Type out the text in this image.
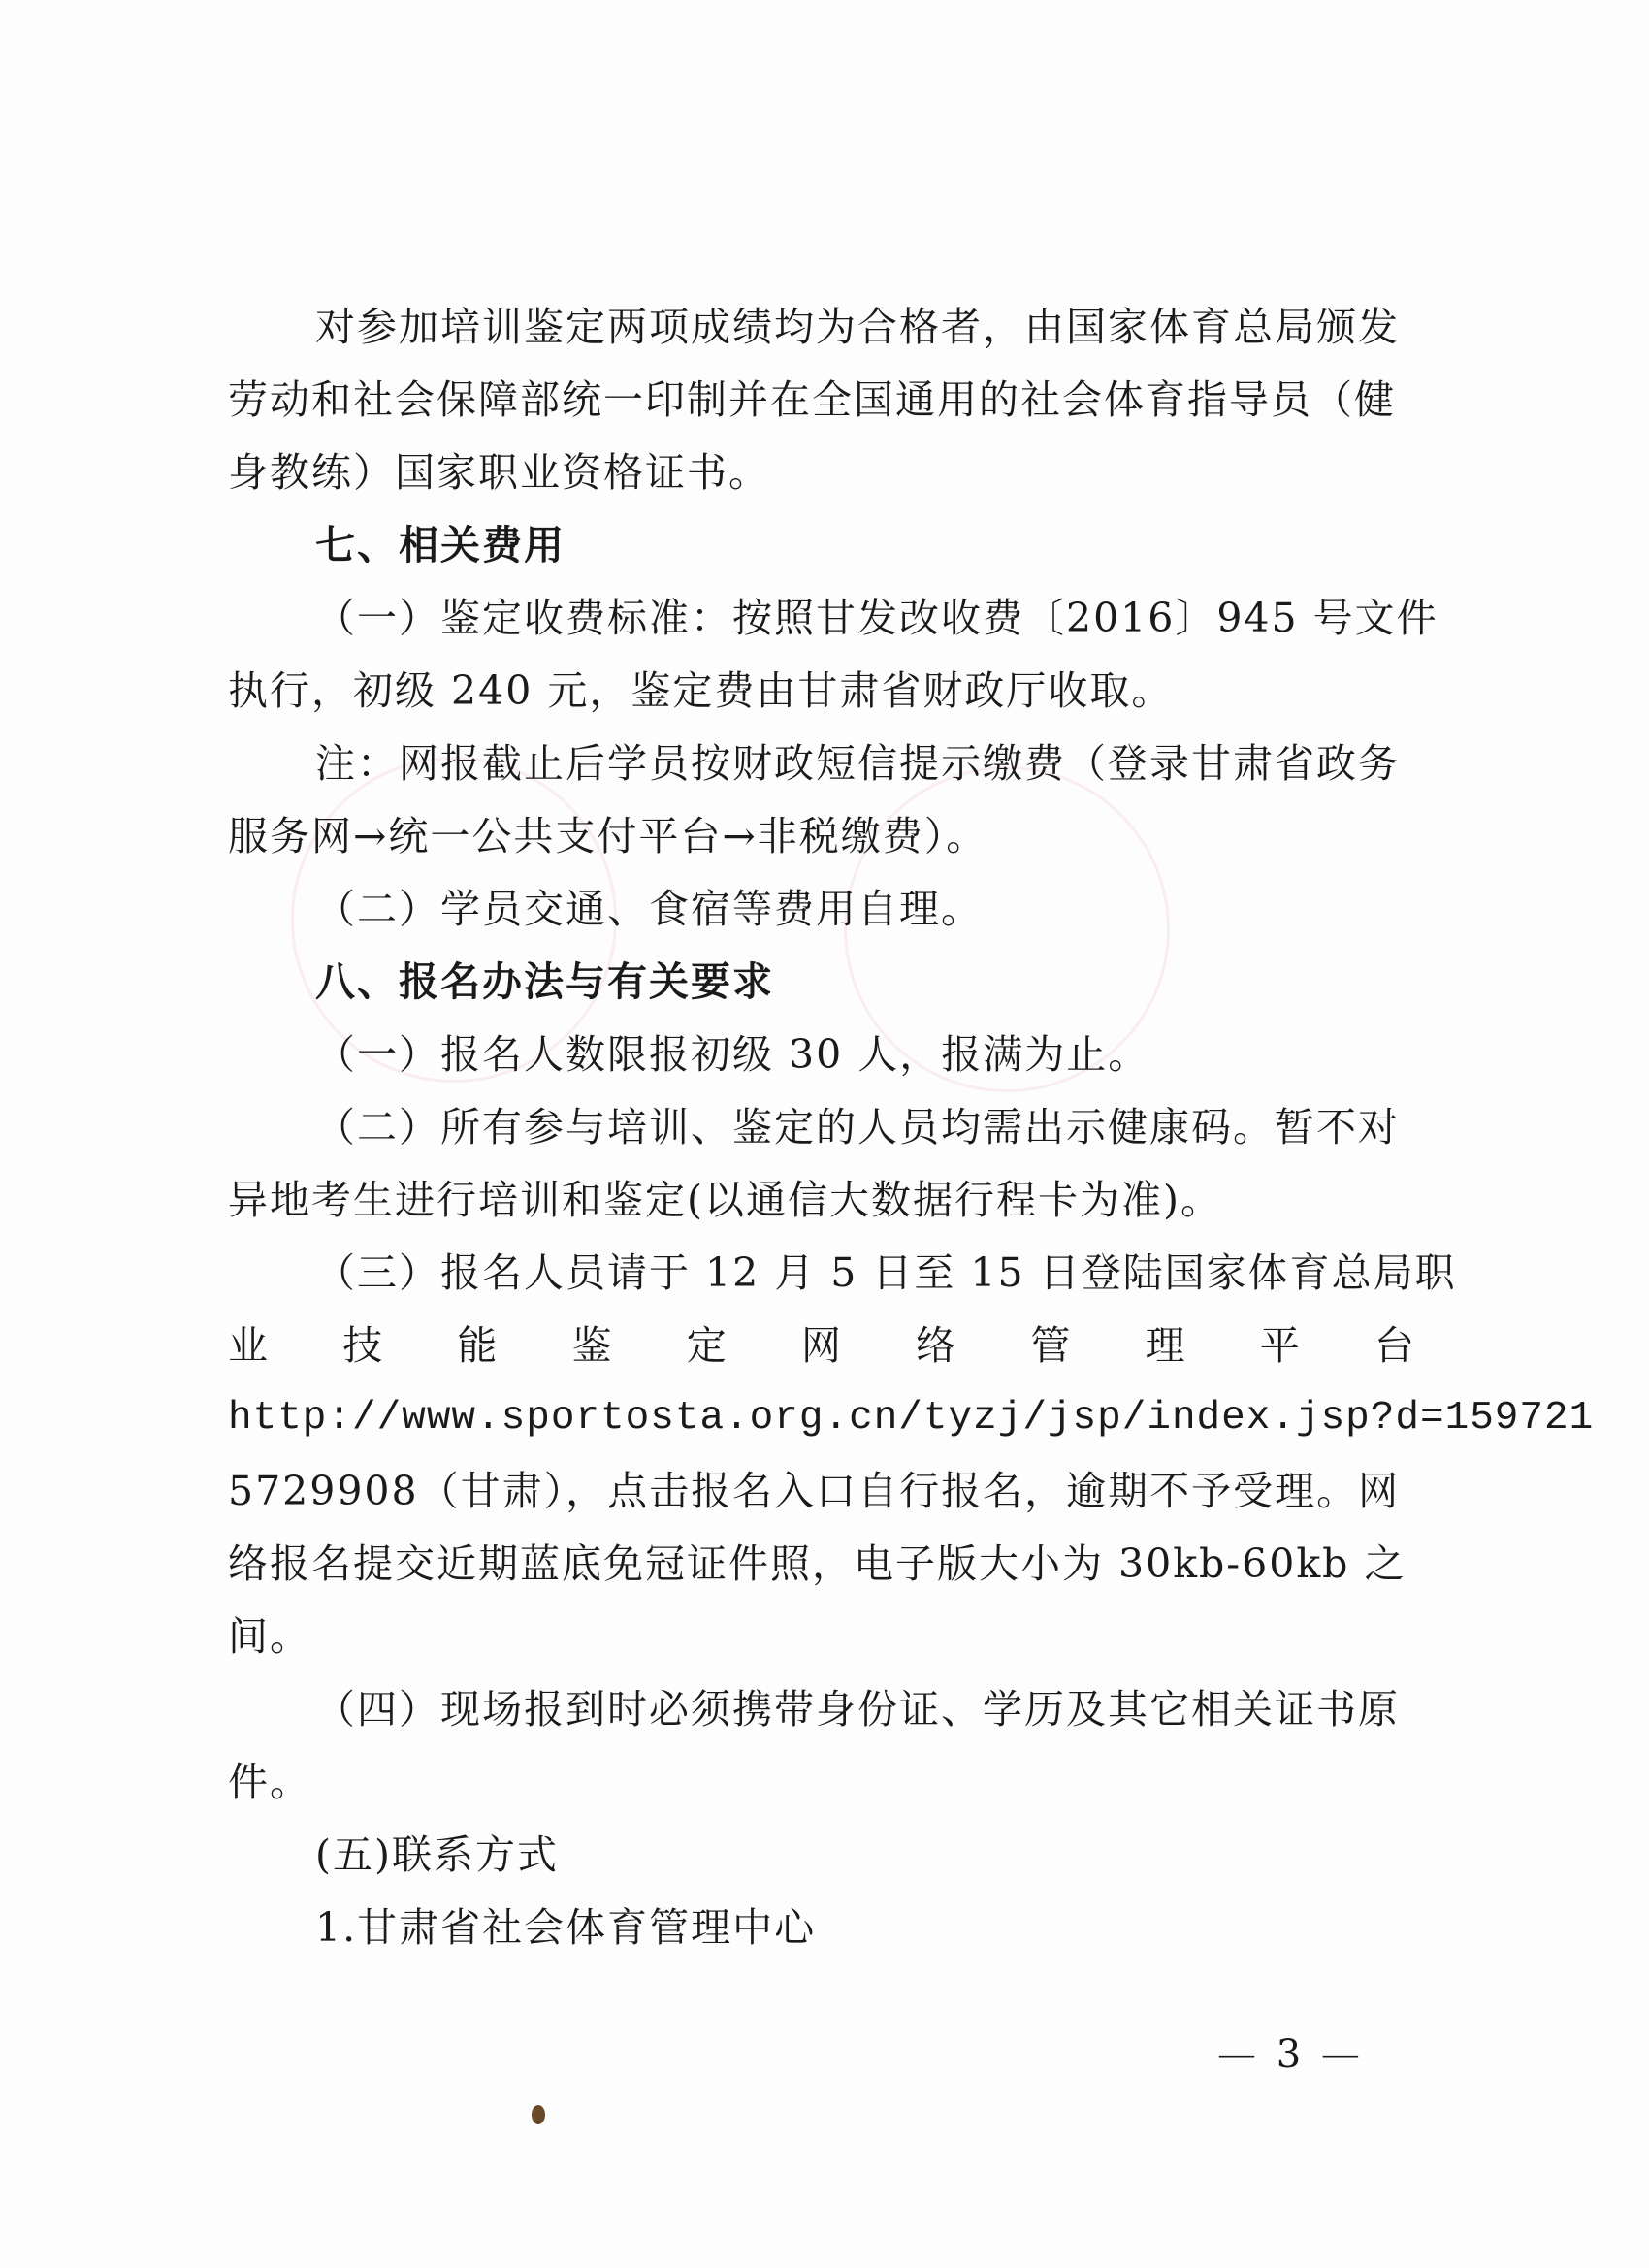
对参加培训鉴定两项成绩均为合格者，由国家体育总局颁发
劳动和社会保障部统一印制并在全国通用的社会体育指导员（健
身教练）国家职业资格证书。
七、相关费用
（一）鉴定收费标准：按照甘发改收费〔2016〕945 号文件
执行，初级 240 元，鉴定费由甘肃省财政厅收取。
注：网报截止后学员按财政短信提示缴费（登录甘肃省政务
服务网→统一公共支付平台→非税缴费）。
（二）学员交通、食宿等费用自理。
八、报名办法与有关要求
（一）报名人数限报初级 30 人，报满为止。
（二）所有参与培训、鉴定的人员均需出示健康码。暂不对
异地考生进行培训和鉴定(以通信大数据行程卡为准)。
（三）报名人员请于 12 月 5 日至 15 日登陆国家体育总局职
业 技 能 鉴 定 网 络 管 理 平 台
http://www.sportosta.org.cn/tyzj/jsp/index.jsp?d=159721
5729908（甘肃），点击报名入口自行报名，逾期不予受理。网
络报名提交近期蓝底免冠证件照，电子版大小为 30kb-60kb 之
间。
（四）现场报到时必须携带身份证、学历及其它相关证书原
件。
(五)联系方式
1.甘肃省社会体育管理中心
— 3 —
